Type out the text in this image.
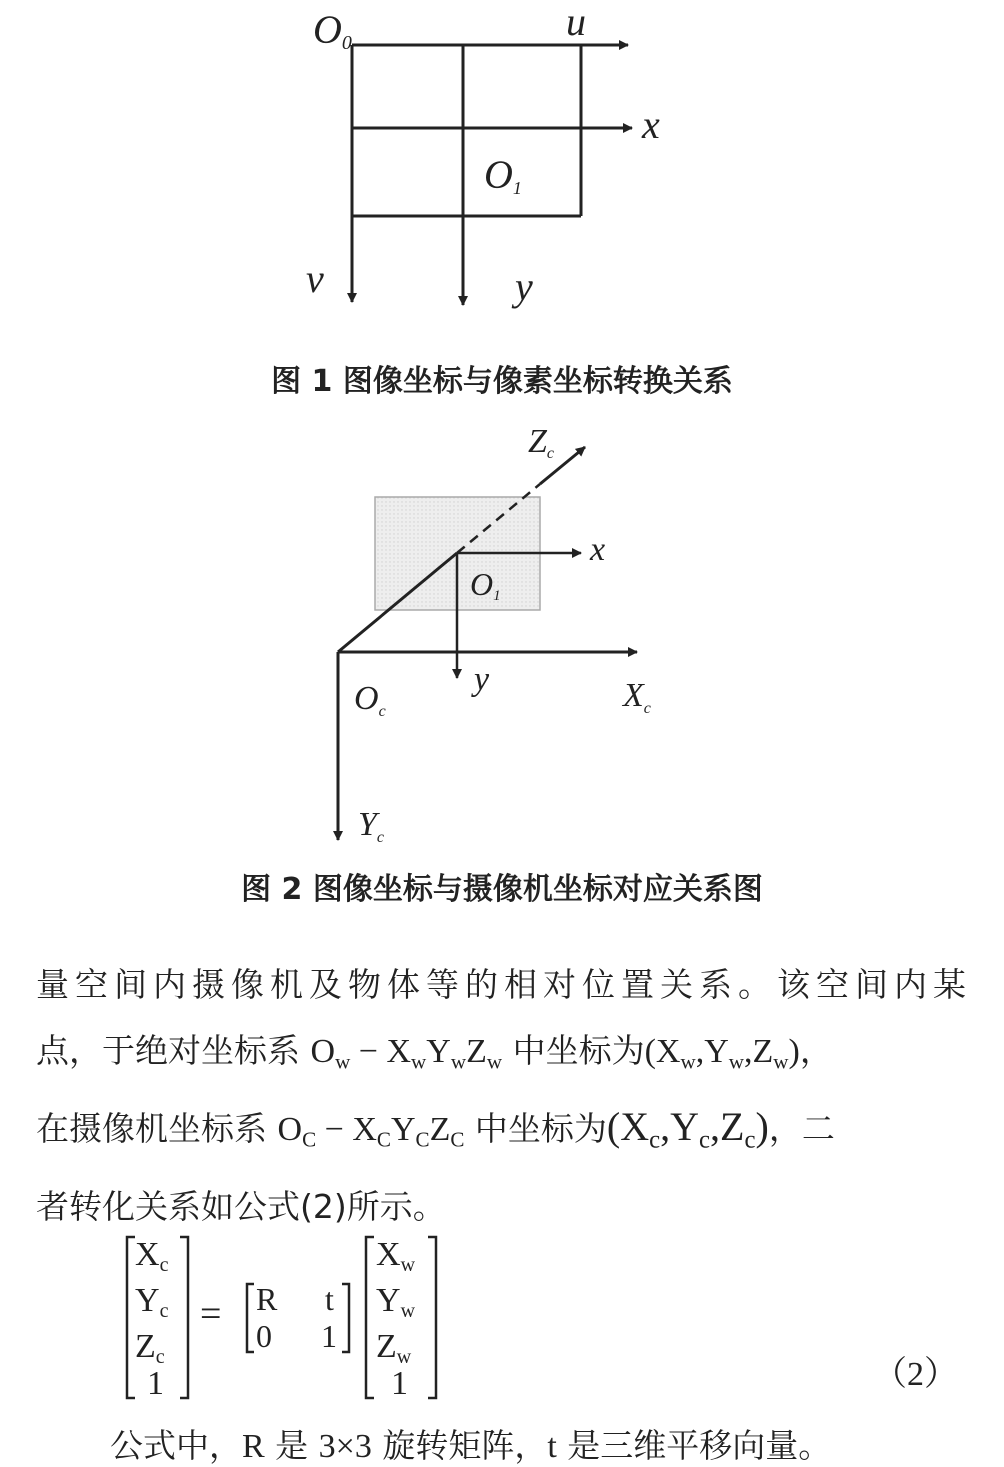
O0	u
x
O1
v	y
Zc
x
O1
y
$O_c$	$X_c$
$Y_c$
Xc
Yc
Zc
1
= R t
0 1
Xw
Yw
Zw
1
图 1 图像坐标与像素坐标转换关系
图 2 图像坐标与摄像机坐标对应关系图
量空间内摄像机及物体等的相对位置关系。该空间内某
点，于绝对坐标系 $O_w - X_wY_wZ_w$ 中坐标为$(X_w,Y_w,Z_w)$，
在摄像机坐标系 $O_C - X_CY_CZ_C$ 中坐标为$(X_c,Y_c,Z_c)$，二
者转化关系如公式(2)所示。
（2）
公式中，R 是 3×3 旋转矩阵，t 是三维平移向量。
